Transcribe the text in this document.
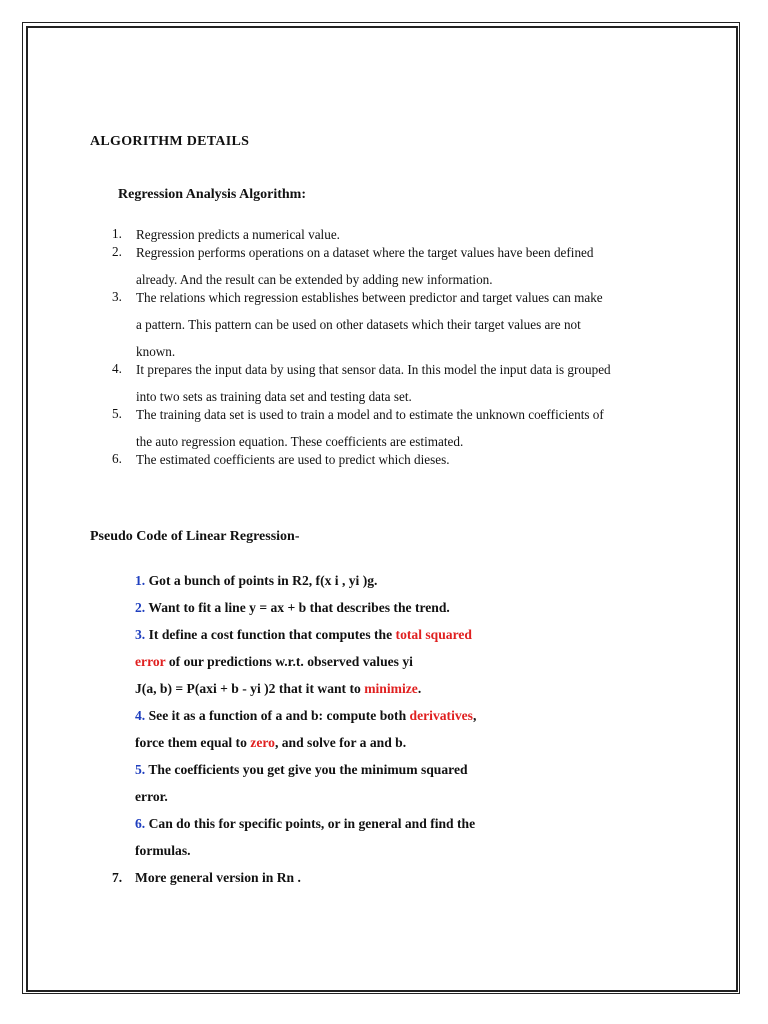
ALGORITHM DETAILS
Regression Analysis Algorithm:
1. Regression predicts a numerical value.
2. Regression performs operations on a dataset where the target values have been defined
already. And the result can be extended by adding new information.
3. The relations which regression establishes between predictor and target values can make
a pattern. This pattern can be used on other datasets which their target values are not
known.
4. It prepares the input data by using that sensor data. In this model the input data is grouped
into two sets as training data set and testing data set.
5. The training data set is used to train a model and to estimate the unknown coefficients of
the auto regression equation. These coefficients are estimated.
6. The estimated coefficients are used to predict which dieses.
Pseudo Code of Linear Regression-
1. Got a bunch of points in R2, f(x i , yi )g.
2. Want to fit a line y = ax + b that describes the trend.
3. It define a cost function that computes the total squared
error of our predictions w.r.t. observed values yi
J(a, b) = P(axi + b - yi )2 that it want to minimize.
4. See it as a function of a and b: compute both derivatives,
force them equal to zero, and solve for a and b.
5. The coefficients you get give you the minimum squared
error.
6. Can do this for specific points, or in general and find the
formulas.
7. More general version in Rn .
